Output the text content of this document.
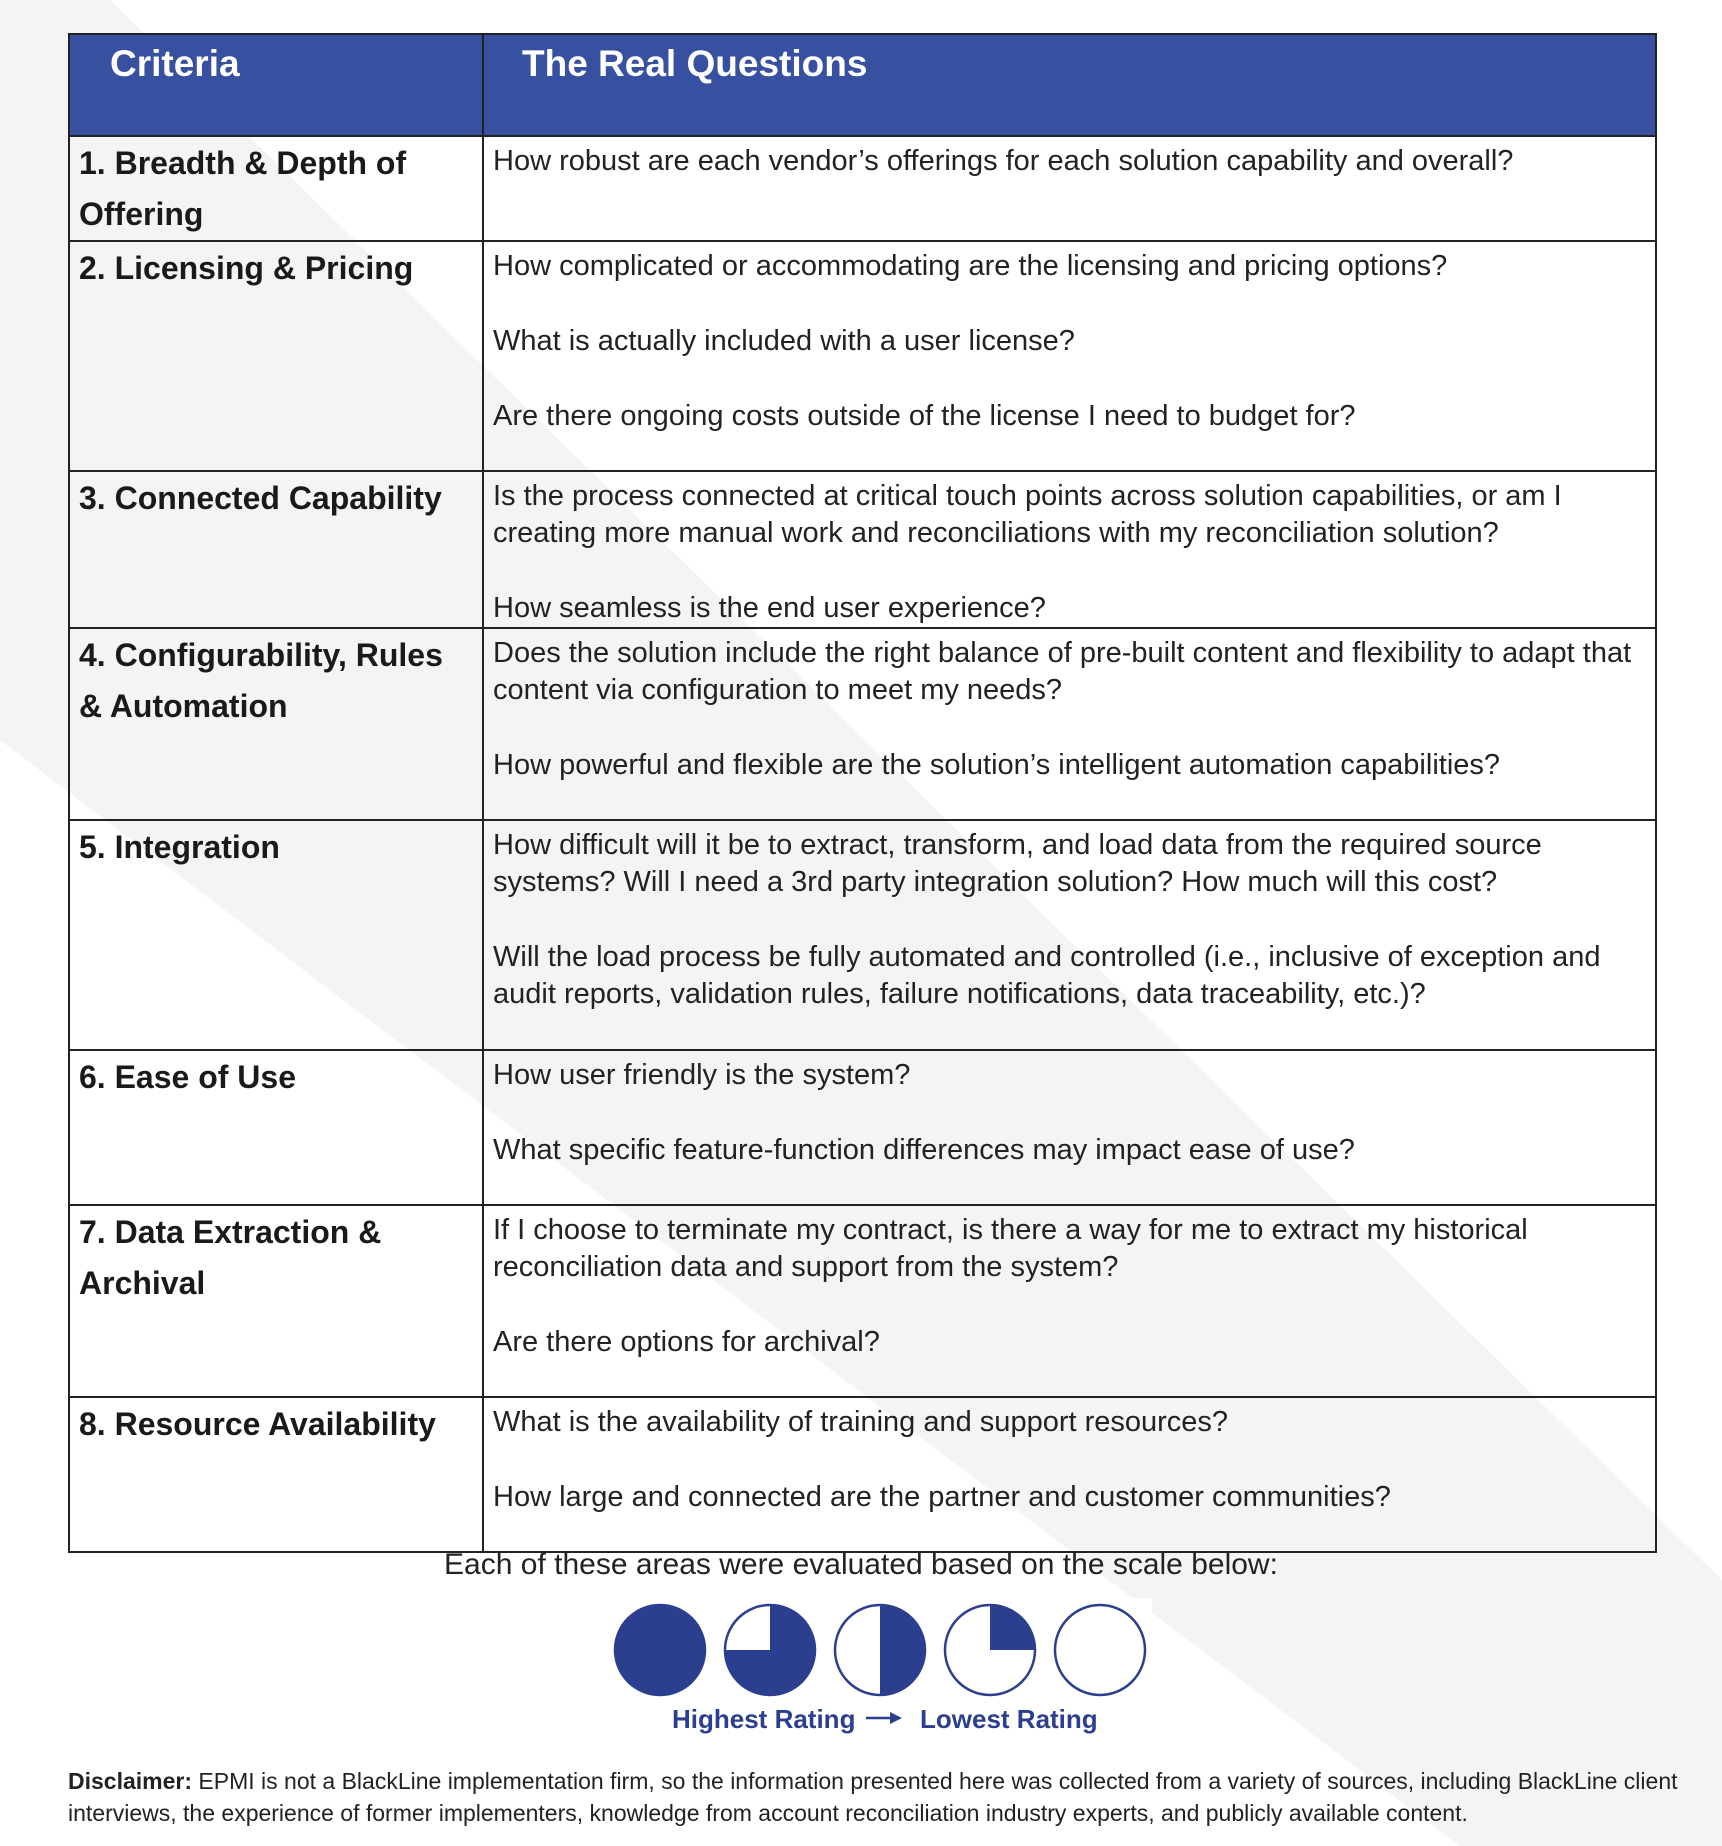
Criteria	The Real Questions
1. Breadth & Depth of Offering	How robust are each vendor’s offerings for each solution capability and overall?

2. Licensing & Pricing	How complicated or accommodating are the licensing and pricing options?

What is actually included with a user license?

Are there ongoing costs outside of the license I need to budget for?

3. Connected Capability	Is the process connected at critical touch points across solution capabilities, or am I creating more manual work and reconciliations with my reconciliation solution?

How seamless is the end user experience?

4. Configurability, Rules & Automation	Does the solution include the right balance of pre-built content and flexibility to adapt that content via configuration to meet my needs?

How powerful and flexible are the solution’s intelligent automation capabilities?

5. Integration	How difficult will it be to extract, transform, and load data from the required source systems? Will I need a 3rd party integration solution? How much will this cost?

Will the load process be fully automated and controlled (i.e., inclusive of exception and audit reports, validation rules, failure notifications, data traceability, etc.)?

6. Ease of Use	How user friendly is the system?

What specific feature-function differences may impact ease of use?

7. Data Extraction & Archival	If I choose to terminate my contract, is there a way for me to extract my historical reconciliation data and support from the system?

Are there options for archival?

8. Resource Availability	What is the availability of training and support resources?

How large and connected are the partner and customer communities?

Each of these areas were evaluated based on the scale below:
Highest Rating Lowest Rating
Disclaimer: EPMI is not a BlackLine implementation firm, so the information presented here was collected from a variety of sources, including BlackLine client interviews, the experience of former implementers, knowledge from account reconciliation industry experts, and publicly available content.
